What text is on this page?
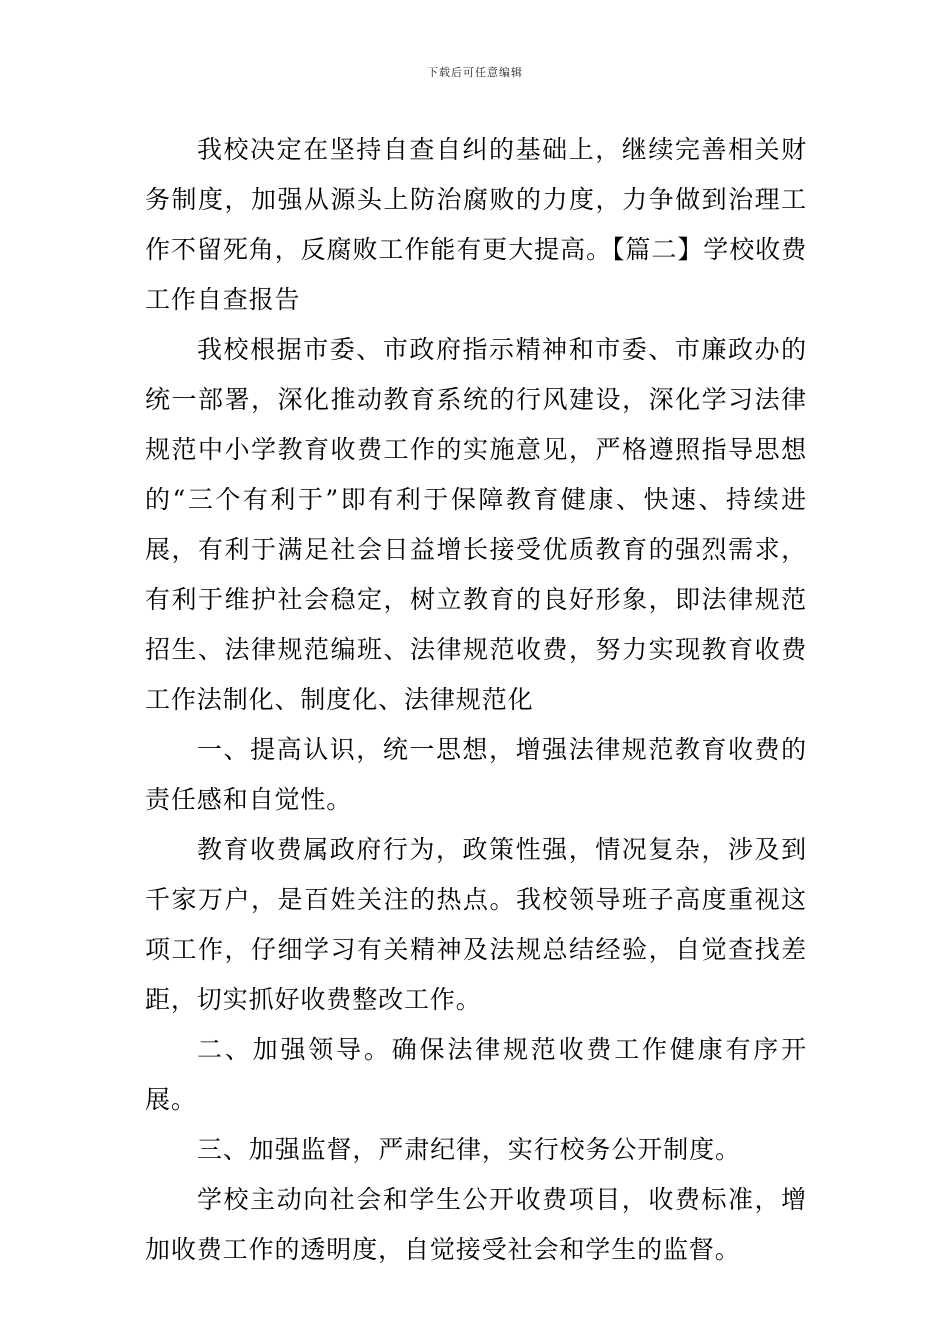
下载后可任意编辑

我校决定在坚持自查自纠的基础上，继续完善相关财务制度，加强从源头上防治腐败的力度，力争做到治理工作不留死角，反腐败工作能有更大提高。【篇二】学校收费工作自查报告

我校根据市委、市政府指示精神和市委、市廉政办的统一部署，深化推动教育系统的行风建设，深化学习法律规范中小学教育收费工作的实施意见，严格遵照指导思想的“三个有利于”即有利于保障教育健康、快速、持续进展，有利于满足社会日益增长接受优质教育的强烈需求，有利于维护社会稳定，树立教育的良好形象，即法律规范招生、法律规范编班、法律规范收费，努力实现教育收费工作法制化、制度化、法律规范化

一、提高认识，统一思想，增强法律规范教育收费的责任感和自觉性。

教育收费属政府行为，政策性强，情况复杂，涉及到千家万户，是百姓关注的热点。我校领导班子高度重视这项工作，仔细学习有关精神及法规总结经验，自觉查找差距，切实抓好收费整改工作。

二、加强领导。确保法律规范收费工作健康有序开展。

三、加强监督，严肃纪律，实行校务公开制度。

学校主动向社会和学生公开收费项目，收费标准，增加收费工作的透明度，自觉接受社会和学生的监督。
